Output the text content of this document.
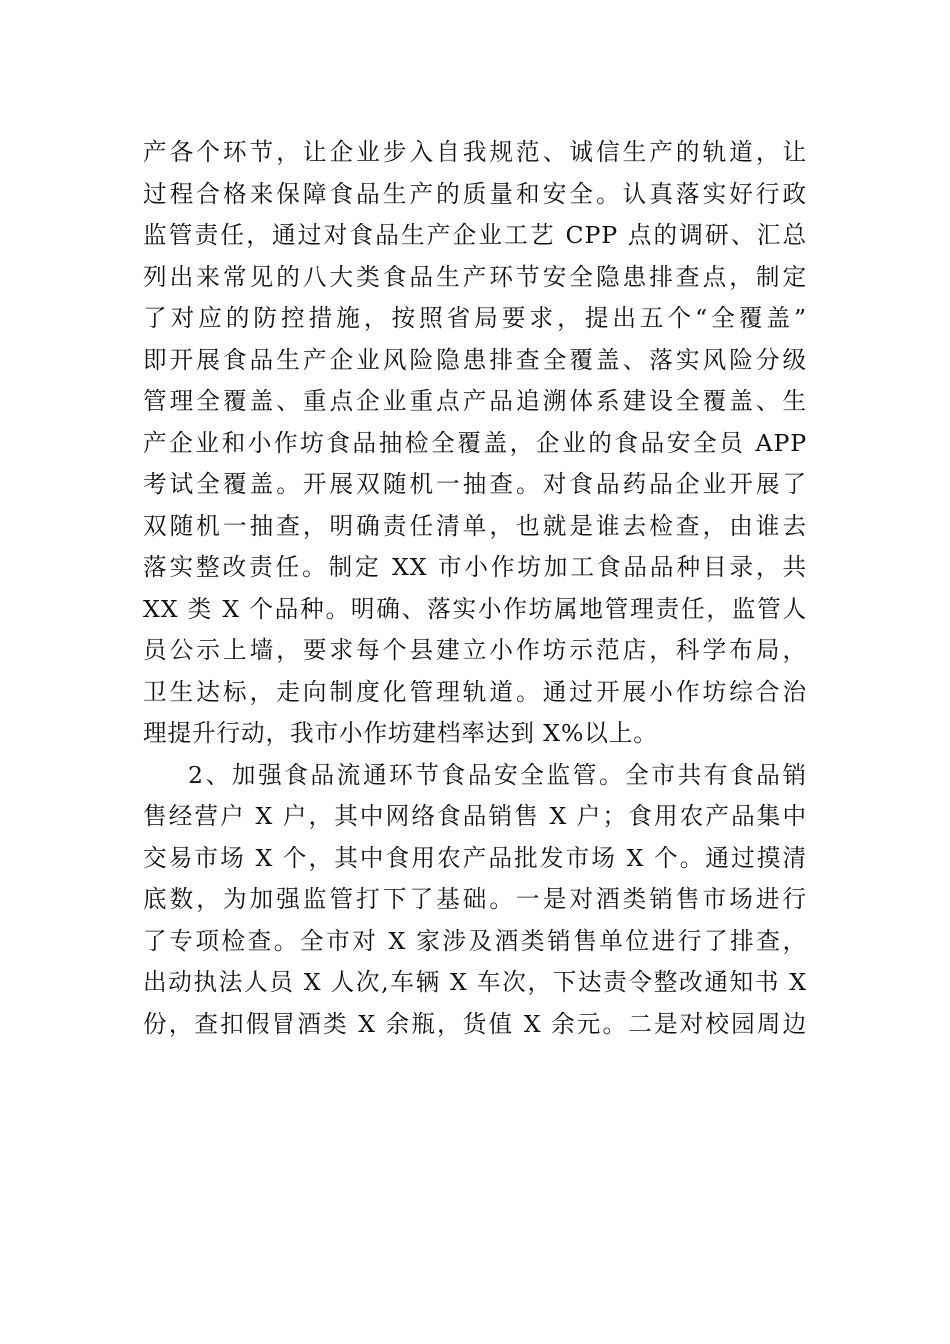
产各个环节，让企业步入自我规范、诚信生产的轨道，让
过程合格来保障食品生产的质量和安全。认真落实好行政
监管责任，通过对食品生产企业工艺 CPP 点的调研、汇总
列出来常见的八大类食品生产环节安全隐患排查点，制定
了对应的防控措施，按照省局要求，提出五个“全覆盖”
即开展食品生产企业风险隐患排查全覆盖、落实风险分级
管理全覆盖、重点企业重点产品追溯体系建设全覆盖、生
产企业和小作坊食品抽检全覆盖，企业的食品安全员 APP
考试全覆盖。开展双随机一抽查。对食品药品企业开展了
双随机一抽查，明确责任清单，也就是谁去检查，由谁去
落实整改责任。制定 XX 市小作坊加工食品品种目录，共
XX 类 X 个品种。明确、落实小作坊属地管理责任，监管人
员公示上墙，要求每个县建立小作坊示范店，科学布局，
卫生达标，走向制度化管理轨道。通过开展小作坊综合治
理提升行动，我市小作坊建档率达到 X%以上。
2、加强食品流通环节食品安全监管。全市共有食品销
售经营户 X 户，其中网络食品销售 X 户；食用农产品集中
交易市场 X 个，其中食用农产品批发市场 X 个。通过摸清
底数，为加强监管打下了基础。一是对酒类销售市场进行
了专项检查。全市对 X 家涉及酒类销售单位进行了排查，
出动执法人员 X 人次,车辆 X 车次，下达责令整改通知书 X
份，查扣假冒酒类 X 余瓶，货值 X 余元。二是对校园周边
